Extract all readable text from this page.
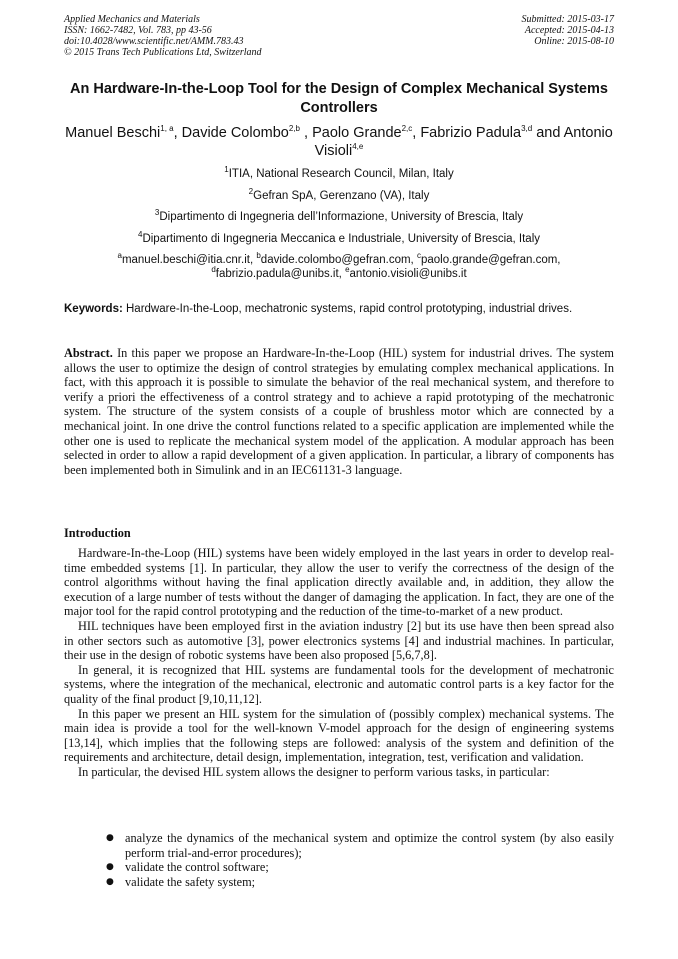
Applied Mechanics and Materials
ISSN: 1662-7482, Vol. 783, pp 43-56
doi:10.4028/www.scientific.net/AMM.783.43
© 2015 Trans Tech Publications Ltd, Switzerland
Submitted: 2015-03-17
Accepted: 2015-04-13
Online: 2015-08-10
An Hardware-In-the-Loop Tool for the Design of Complex Mechanical Systems Controllers
Manuel Beschi$^{1, a}$, Davide Colombo$^{2,b}$ , Paolo Grande$^{2,c}$, Fabrizio Padula$^{3,d}$ and Antonio Visioli$^{4,e}$
$^1$ITIA, National Research Council, Milan, Italy
$^2$Gefran SpA, Gerenzano (VA), Italy
$^3$Dipartimento di Ingegneria dell’Informazione, University of Brescia, Italy
$^4$Dipartimento di Ingegneria Meccanica e Industriale, University of Brescia, Italy
$^a$manuel.beschi@itia.cnr.it, $^b$davide.colombo@gefran.com, $^c$paolo.grande@gefran.com,
$^d$fabrizio.padula@unibs.it, $^e$antonio.visioli@unibs.it
Keywords: Hardware-In-the-Loop, mechatronic systems, rapid control prototyping, industrial drives.

Abstract. In this paper we propose an Hardware-In-the-Loop (HIL) system for industrial drives. The system allows the user to optimize the design of control strategies by emulating complex mechanical applications. In fact, with this approach it is possible to simulate the behavior of the real mechanical system, and therefore to verify a priori the effectiveness of a control strategy and to achieve a rapid prototyping of the mechatronic system. The structure of the system consists of a couple of brushless motor which are connected by a mechanical joint. In one drive the control functions related to a specific application are implemented while the other one is used to replicate the mechanical system model of the application. A modular approach has been selected in order to allow a rapid development of a given application. In particular, a library of components has been implemented both in Simulink and in an IEC61131-3 language.

Introduction

Hardware-In-the-Loop (HIL) systems have been widely employed in the last years in order to develop real-time embedded systems [1]. In particular, they allow the user to verify the correctness of the design of the control algorithms without having the final application directly available and, in addition, they allow the execution of a large number of tests without the danger of damaging the application. In fact, they are one of the major tool for the rapid control prototyping and the reduction of the time-to-market of a new product.

HIL techniques have been employed first in the aviation industry [2] but its use have then been spread also in other sectors such as automotive [3], power electronics systems [4] and industrial machines. In particular, their use in the design of robotic systems have been also proposed [5,6,7,8].

In general, it is recognized that HIL systems are fundamental tools for the development of mechatronic systems, where the integration of the mechanical, electronic and automatic control parts is a key factor for the quality of the final product [9,10,11,12].

In this paper we present an HIL system for the simulation of (possibly complex) mechanical systems. The main idea is provide a tool for the well-known V-model approach for the design of engineering systems [13,14], which implies that the following steps are followed: analysis of the system and definition of the requirements and architecture, detail design, implementation, integration, test, verification and validation.

In particular, the devised HIL system allows the designer to perform various tasks, in particular:

● analyze the dynamics of the mechanical system and optimize the control system (by also easily perform trial-and-error procedures);
● validate the control software;
● validate the safety system;
